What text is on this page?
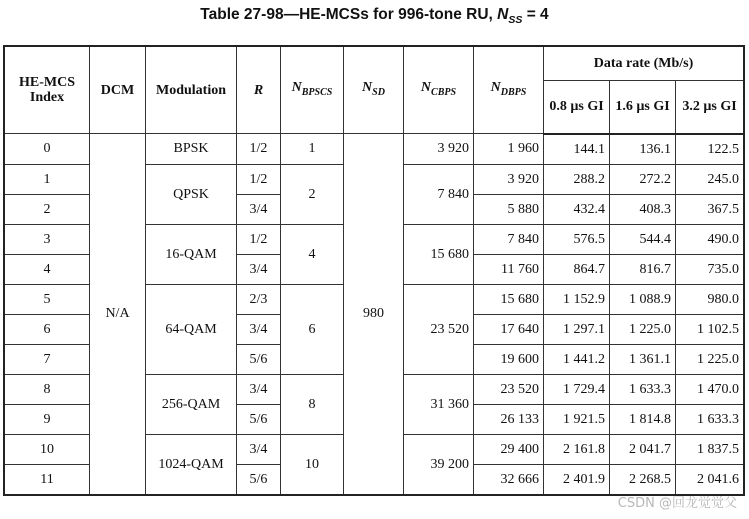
Table 27-98—HE-MCSs for 996-tone RU, $N_{SS} = 4$
HE-MCS Index	DCM	Modulation	R	$N_{BPSCS}$	$N_{SD}$	$N_{CBPS}$	$N_{DBPS}$	Data rate (Mb/s)		
								0.8 µs GI	1.6 µs GI	3.2 µs GI
0	N/A	BPSK	1/2	1	980	3 920	1 960	144.1	136.1	122.5
1		QPSK	1/2	2		7 840	3 920	288.2	272.2	245.0
2			3/4				5 880	432.4	408.3	367.5
3		16-QAM	1/2	4		15 680	7 840	576.5	544.4	490.0
4			3/4				11 760	864.7	816.7	735.0
5		64-QAM	2/3	6		23 520	15 680	1 152.9	1 088.9	980.0
6			3/4				17 640	1 297.1	1 225.0	1 102.5
7			5/6				19 600	1 441.2	1 361.1	1 225.0
8		256-QAM	3/4	8		31 360	23 520	1 729.4	1 633.3	1 470.0
9			5/6				26 133	1 921.5	1 814.8	1 633.3
10		1024-QAM	3/4	10		39 200	29 400	2 161.8	2 041.7	1 837.5
11			5/6				32 666	2 401.9	2 268.5	2 041.6
CSDN @回龙觉觉父
